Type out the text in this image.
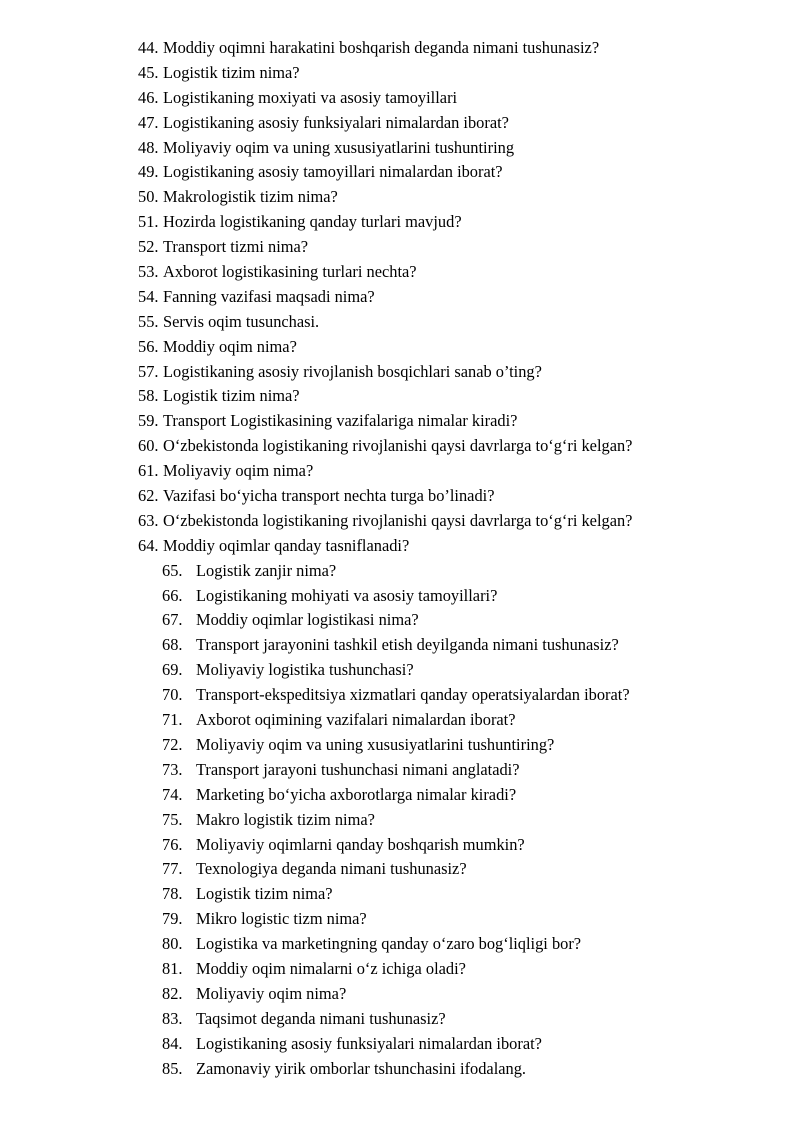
44. Moddiy oqimni harakatini boshqarish deganda nimani tushunasiz?
45. Logistik tizim nima?
46. Logistikaning moxiyati va asosiy tamoyillari
47. Logistikaning asosiy funksiyalari nimalardan iborat?
48. Moliyaviy oqim va uning xususiyatlarini tushuntiring
49. Logistikaning asosiy tamoyillari nimalardan iborat?
50. Makrologistik tizim nima?
51. Hozirda logistikaning qanday turlari mavjud?
52. Transport tizmi nima?
53. Axborot logistikasining turlari nechta?
54. Fanning vazifasi maqsadi nima?
55. Servis oqim tusunchasi.
56. Moddiy oqim nima?
57. Logistikaning asosiy rivojlanish bosqichlari sanab o’ting?
58. Logistik tizim nima?
59. Transport Logistikasining vazifalariga nimalar kiradi?
60. O‘zbekistonda logistikaning rivojlanishi qaysi davrlarga to‘g‘ri kelgan?
61. Moliyaviy oqim nima?
62. Vazifasi bo‘yicha transport nechta turga bo’linadi?
63. O‘zbekistonda logistikaning rivojlanishi qaysi davrlarga to‘g‘ri kelgan?
64. Moddiy oqimlar qanday tasniflanadi?
65. Logistik zanjir nima?
66. Logistikaning mohiyati va asosiy tamoyillari?
67. Moddiy oqimlar logistikasi nima?
68. Transport jarayonini tashkil etish deyilganda nimani tushunasiz?
69. Moliyaviy logistika tushunchasi?
70. Transport-ekspeditsiya xizmatlari qanday operatsiyalardan iborat?
71. Axborot oqimining vazifalari nimalardan iborat?
72. Moliyaviy oqim va uning xususiyatlarini tushuntiring?
73. Transport jarayoni tushunchasi nimani anglatadi?
74. Marketing bo‘yicha axborotlarga nimalar kiradi?
75. Makro logistik tizim nima?
76. Moliyaviy oqimlarni qanday boshqarish mumkin?
77. Texnologiya deganda nimani tushunasiz?
78. Logistik tizim nima?
79. Mikro logistic tizm nima?
80. Logistika va marketingning qanday o‘zaro bog‘liqligi bor?
81. Moddiy oqim nimalarni o‘z ichiga oladi?
82. Moliyaviy oqim nima?
83. Taqsimot deganda nimani tushunasiz?
84. Logistikaning asosiy funksiyalari nimalardan iborat?
85. Zamonaviy yirik omborlar tshunchasini ifodalang.
